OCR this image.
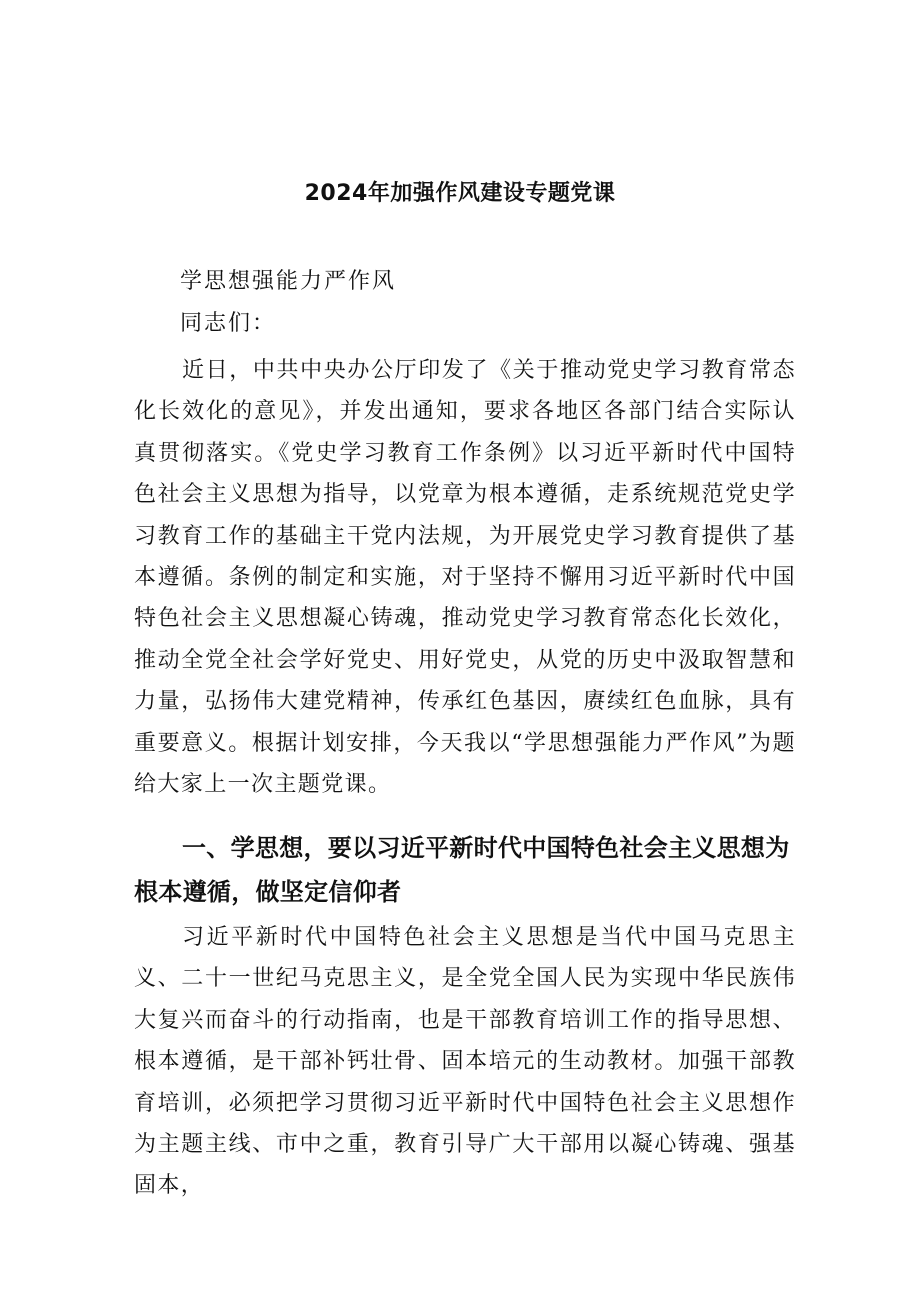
2024年加强作风建设专题党课
学思想强能力严作风
同志们：
近日，中共中央办公厅印发了《关于推动党史学习教育常态化长效化的意见》，并发出通知，要求各地区各部门结合实际认真贯彻落实。《党史学习教育工作条例》以习近平新时代中国特色社会主义思想为指导，以党章为根本遵循，走系统规范党史学习教育工作的基础主干党内法规，为开展党史学习教育提供了基本遵循。条例的制定和实施，对于坚持不懈用习近平新时代中国特色社会主义思想凝心铸魂，推动党史学习教育常态化长效化，推动全党全社会学好党史、用好党史，从党的历史中汲取智慧和力量，弘扬伟大建党精神，传承红色基因，赓续红色血脉，具有重要意义。根据计划安排，今天我以“学思想强能力严作风”为题给大家上一次主题党课。
一、学思想，要以习近平新时代中国特色社会主义思想为根本遵循，做坚定信仰者
习近平新时代中国特色社会主义思想是当代中国马克思主义、二十一世纪马克思主义，是全党全国人民为实现中华民族伟大复兴而奋斗的行动指南，也是干部教育培训工作的指导思想、根本遵循，是干部补钙壮骨、固本培元的生动教材。加强干部教育培训，必须把学习贯彻习近平新时代中国特色社会主义思想作为主题主线、市中之重，教育引导广大干部用以凝心铸魂、强基固本，
